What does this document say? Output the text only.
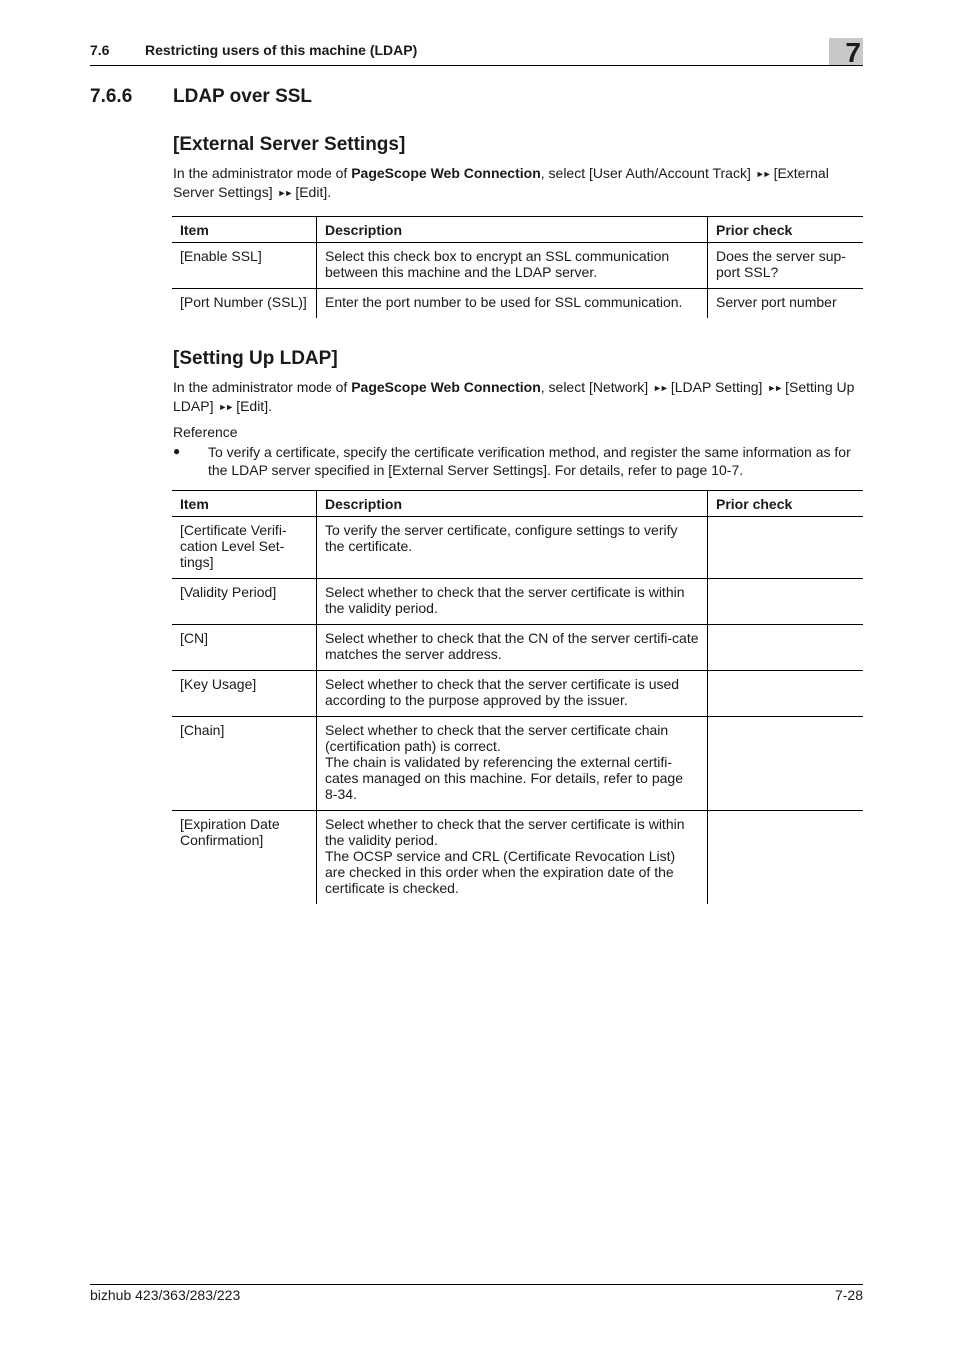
7.6	Restricting users of this machine (LDAP)	7
7.6.6 LDAP over SSL
[External Server Settings]
In the administrator mode of PageScope Web Connection, select [User Auth/Account Track] ►► [External Server Settings] ►► [Edit].
Item	Description	Prior check
[Enable SSL]	Select this check box to encrypt an SSL communication between this machine and the LDAP server.	Does the server sup-port SSL?
[Port Number (SSL)]	Enter the port number to be used for SSL communication.	Server port number
[Setting Up LDAP]
In the administrator mode of PageScope Web Connection, select [Network] ►► [LDAP Setting] ►► [Setting Up LDAP] ►► [Edit].
Reference
● To verify a certificate, specify the certificate verification method, and register the same information as for the LDAP server specified in [External Server Settings]. For details, refer to page 10-7.
Item	Description	Prior check
[Certificate Verifi-cation Level Set-tings]	To verify the server certificate, configure settings to verify the certificate.	
[Validity Period]	Select whether to check that the server certificate is within the validity period.	
[CN]	Select whether to check that the CN of the server certifi-cate matches the server address.	
[Key Usage]	Select whether to check that the server certificate is used according to the purpose approved by the issuer.	
[Chain]	Select whether to check that the server certificate chain (certification path) is correct.
The chain is validated by referencing the external certifi-cates managed on this machine. For details, refer to page 8-34.	
[Expiration Date Confirmation]	Select whether to check that the server certificate is within the validity period.
The OCSP service and CRL (Certificate Revocation List) are checked in this order when the expiration date of the certificate is checked.	
bizhub 423/363/283/223	7-28
